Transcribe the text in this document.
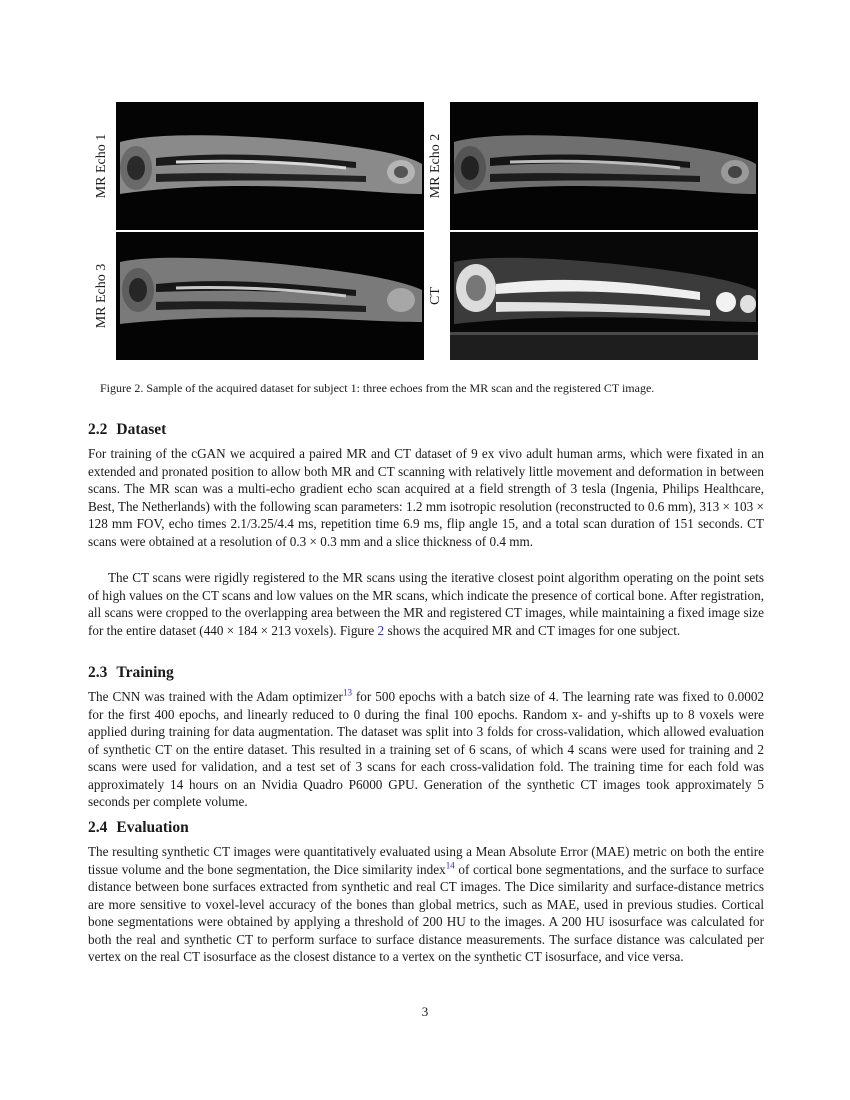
MR Echo 1	MR Echo 2
MR Echo 3	CT
Figure 2. Sample of the acquired dataset for subject 1: three echoes from the MR scan and the registered CT image.
2.2 Dataset

For training of the cGAN we acquired a paired MR and CT dataset of 9 ex vivo adult human arms, which were fixated in an extended and pronated position to allow both MR and CT scanning with relatively little movement and deformation in between scans. The MR scan was a multi-echo gradient echo scan acquired at a field strength of 3 tesla (Ingenia, Philips Healthcare, Best, The Netherlands) with the following scan parameters: 1.2 mm isotropic resolution (reconstructed to 0.6 mm), 313 × 103 × 128 mm FOV, echo times 2.1/3.25/4.4 ms, repetition time 6.9 ms, flip angle 15, and a total scan duration of 151 seconds. CT scans were obtained at a resolution of 0.3 × 0.3 mm and a slice thickness of 0.4 mm.

The CT scans were rigidly registered to the MR scans using the iterative closest point algorithm operating on the point sets of high values on the CT scans and low values on the MR scans, which indicate the presence of cortical bone. After registration, all scans were cropped to the overlapping area between the MR and registered CT images, while maintaining a fixed image size for the entire dataset (440 × 184 × 213 voxels). Figure 2 shows the acquired MR and CT images for one subject.

2.3 Training

The CNN was trained with the Adam optimizer$^{13}$ for 500 epochs with a batch size of 4. The learning rate was fixed to 0.0002 for the first 400 epochs, and linearly reduced to 0 during the final 100 epochs. Random x- and y-shifts up to 8 voxels were applied during training for data augmentation. The dataset was split into 3 folds for cross-validation, which allowed evaluation of synthetic CT on the entire dataset. This resulted in a training set of 6 scans, of which 4 scans were used for training and 2 scans were used for validation, and a test set of 3 scans for each cross-validation fold. The training time for each fold was approximately 14 hours on an Nvidia Quadro P6000 GPU. Generation of the synthetic CT images took approximately 5 seconds per complete volume.

2.4 Evaluation

The resulting synthetic CT images were quantitatively evaluated using a Mean Absolute Error (MAE) metric on both the entire tissue volume and the bone segmentation, the Dice similarity index$^{14}$ of cortical bone segmentations, and the surface to surface distance between bone surfaces extracted from synthetic and real CT images. The Dice similarity and surface-distance metrics are more sensitive to voxel-level accuracy of the bones than global metrics, such as MAE, used in previous studies. Cortical bone segmentations were obtained by applying a threshold of 200 HU to the images. A 200 HU isosurface was calculated for both the real and synthetic CT to perform surface to surface distance measurements. The surface distance was calculated per vertex on the real CT isosurface as the closest distance to a vertex on the synthetic CT isosurface, and vice versa.

3
